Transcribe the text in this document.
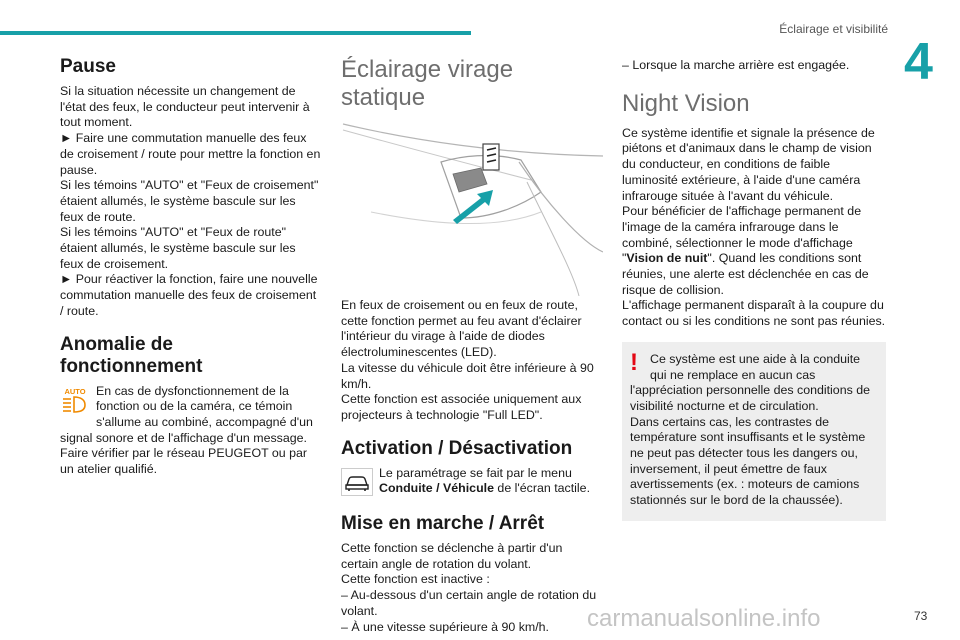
Éclairage et visibilité
4
Pause

Si la situation nécessite un changement de l'état des feux, le conducteur peut intervenir à tout moment.

► Faire une commutation manuelle des feux de croisement / route pour mettre la fonction en pause.

Si les témoins "AUTO" et "Feux de croisement" étaient allumés, le système bascule sur les feux de route.

Si les témoins "AUTO" et "Feux de route" étaient allumés, le système bascule sur les feux de croisement.

► Pour réactiver la fonction, faire une nouvelle commutation manuelle des feux de croisement / route.

Anomalie de fonctionnement
AUTO En cas de dysfonctionnement de la fonction ou de la caméra, ce témoin s'allume au combiné, accompagné d'un signal sonore et de l'affichage d'un message.

Faire vérifier par le réseau PEUGEOT ou par un atelier qualifié.

Éclairage virage statique

En feux de croisement ou en feux de route, cette fonction permet au feu avant d'éclairer l'intérieur du virage à l'aide de diodes électroluminescentes (LED).

La vitesse du véhicule doit être inférieure à 90 km/h.

Cette fonction est associée uniquement aux projecteurs à technologie "Full LED".

Activation / Désactivation

Le paramétrage se fait par le menu Conduite / Véhicule de l'écran tactile.

Mise en marche / Arrêt

Cette fonction se déclenche à partir d'un certain angle de rotation du volant.

Cette fonction est inactive :

– Au-dessous d'un certain angle de rotation du volant.

– À une vitesse supérieure à 90 km/h.

– Lorsque la marche arrière est engagée.

Night Vision

Ce système identifie et signale la présence de piétons et d'animaux dans le champ de vision du conducteur, en conditions de faible luminosité extérieure, à l'aide d'une caméra infrarouge située à l'avant du véhicule.

Pour bénéficier de l'affichage permanent de l'image de la caméra infrarouge dans le combiné, sélectionner le mode d'affichage "Vision de nuit". Quand les conditions sont réunies, une alerte est déclenchée en cas de risque de collision.

L'affichage permanent disparaît à la coupure du contact ou si les conditions ne sont pas réunies.

! Ce système est une aide à la conduite qui ne remplace en aucun cas l'appréciation personnelle des conditions de visibilité nocturne et de circulation.

Dans certains cas, les contrastes de température sont insuffisants et le système ne peut pas détecter tous les dangers ou, inversement, il peut émettre de faux avertissements (ex. : moteurs de camions stationnés sur le bord de la chaussée).

carmanualsonline.info	73
